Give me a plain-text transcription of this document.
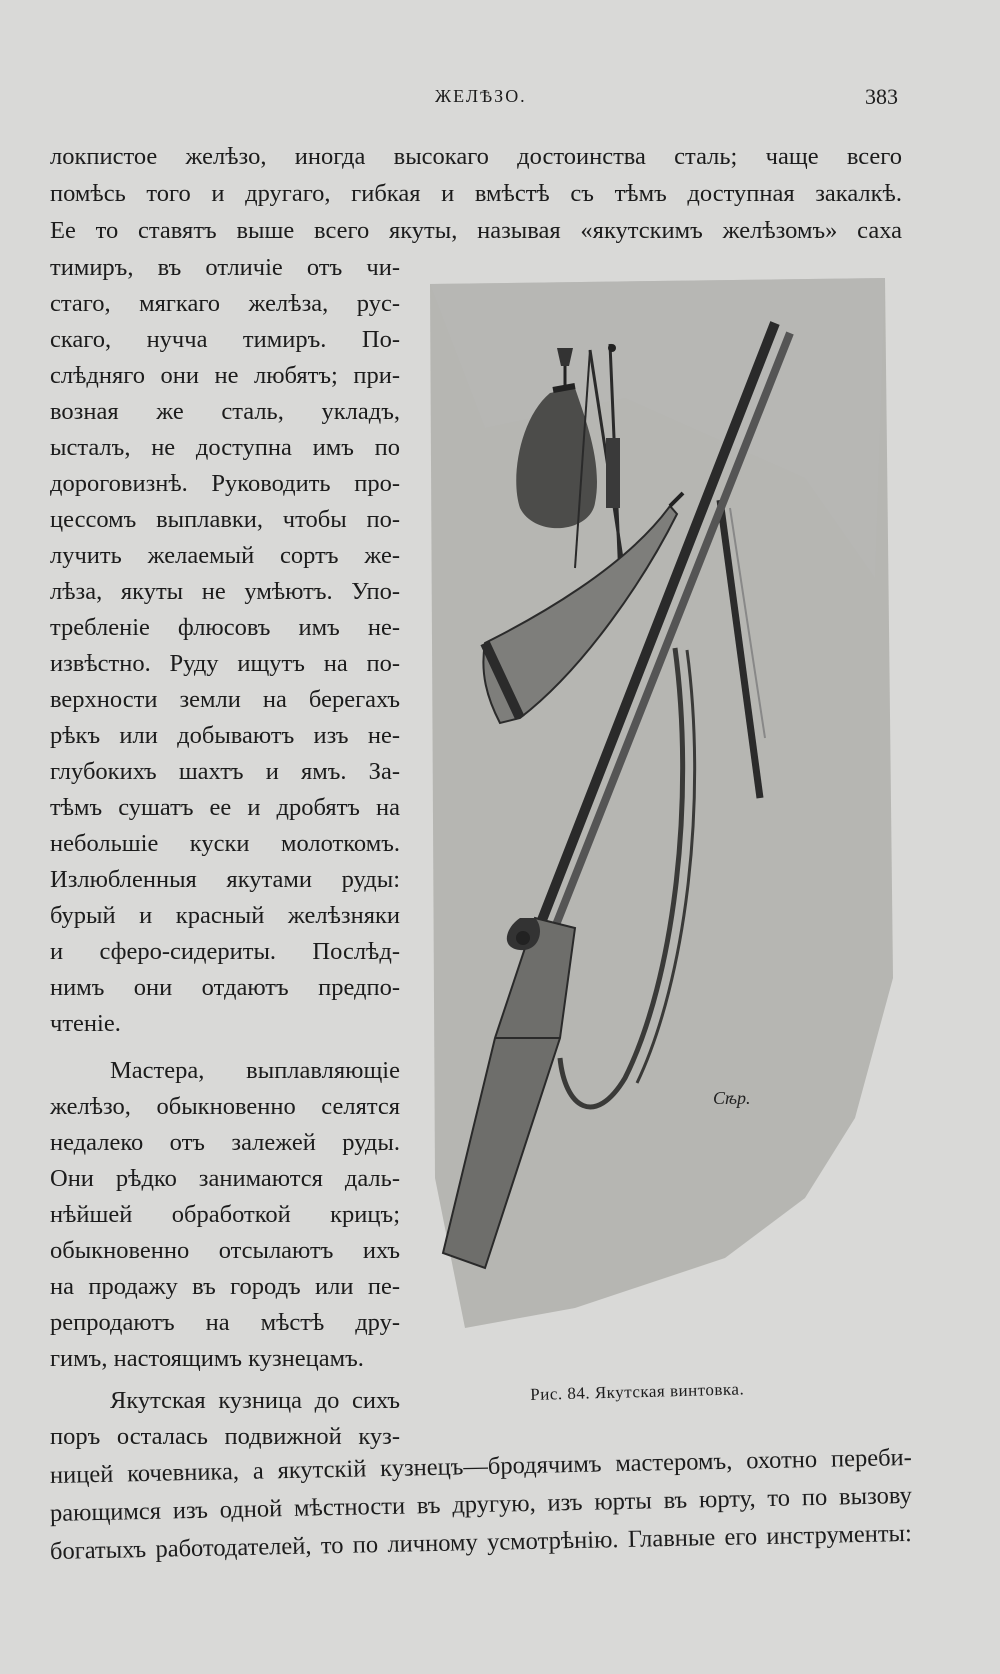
ЖЕЛѢЗО.	383
локпистое желѣзо, иногда высокаго достоинства сталь; чаще всего
помѣсь того и другаго, гибкая и вмѣстѣ съ тѣмъ доступная закалкѣ.
Ее то ставятъ выше всего якуты, называя «якутскимъ желѣзомъ» саха
тимиръ, въ отличіе отъ чи-
стаго, мягкаго желѣза, рус-
скаго, нучча тимиръ. По-
слѣдняго они не любятъ; при-
возная же сталь, укладъ,
ысталъ, не доступна имъ по
дороговизнѣ. Руководить про-
цессомъ выплавки, чтобы по-
лучить желаемый сортъ же-
лѣза, якуты не умѣютъ. Упо-
требленіе флюсовъ имъ не-
извѣстно. Руду ищутъ на по-
верхности земли на берегахъ
рѣкъ или добываютъ изъ не-
глубокихъ шахтъ и ямъ. За-
тѣмъ сушатъ ее и дробятъ на
небольшіе куски молоткомъ.
Излюбленныя якутами руды:
бурый и красный желѣзняки
и сферо-сидериты. Послѣд-
нимъ они отдаютъ предпо-
чтеніе.
Мастера, выплавляющіе
желѣзо, обыкновенно селятся
недалеко отъ залежей руды.
Они рѣдко занимаются даль-
нѣйшей обработкой крицъ;
обыкновенно отсылаютъ ихъ
на продажу въ городъ или пе-
репродаютъ на мѣстѣ дру-
гимъ, настоящимъ кузнецамъ.
Якутская кузница до сихъ
поръ осталась подвижной куз-
ницей кочевника, а якутскій кузнецъ—бродячимъ мастеромъ, охотно переби-
рающимся изъ одной мѣстности въ другую, изъ юрты въ юрту, то по вызову
богатыхъ работодателей, то по личному усмотрѣнію. Главные его инструменты:
Сѣр.
Рис. 84. Якутская винтовка.
